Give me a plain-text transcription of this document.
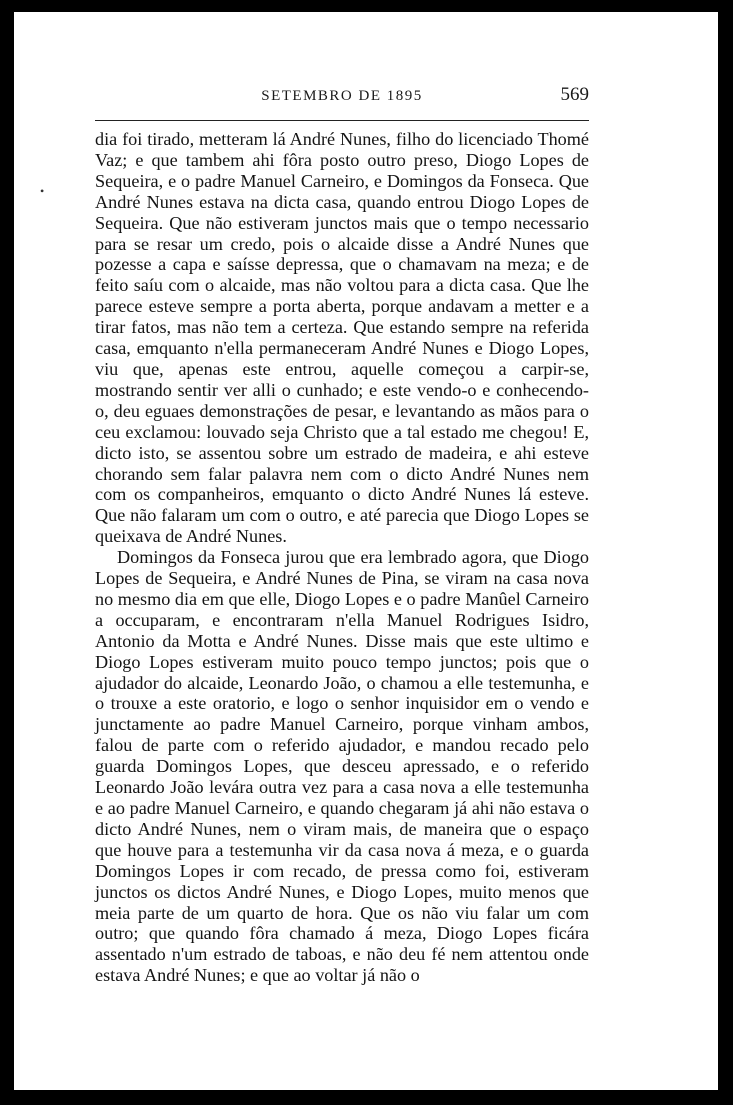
SETEMBRO DE 1895	569

dia foi tirado, metteram lá André Nunes, filho do licenciado Thomé Vaz; e que tambem ahi fôra posto outro preso, Diogo Lopes de Sequeira, e o padre Manuel Carneiro, e Domingos da Fonseca. Que André Nunes estava na dicta casa, quando entrou Diogo Lopes de Sequeira. Que não estiveram junctos mais que o tempo necessario para se resar um credo, pois o alcaide disse a André Nunes que pozesse a capa e saísse depressa, que o chamavam na meza; e de feito saíu com o alcaide, mas não voltou para a dicta casa. Que lhe parece esteve sempre a porta aberta, porque andavam a metter e a tirar fatos, mas não tem a certeza. Que estando sempre na referida casa, emquanto n'ella permaneceram André Nunes e Diogo Lopes, viu que, apenas este entrou, aquelle começou a carpir-se, mostrando sentir ver alli o cunhado; e este vendo-o e conhecendo-o, deu eguaes demonstrações de pesar, e levantando as mãos para o ceu exclamou: louvado seja Christo que a tal estado me chegou! E, dicto isto, se assentou sobre um estrado de madeira, e ahi esteve chorando sem falar palavra nem com o dicto André Nunes nem com os companheiros, emquanto o dicto André Nunes lá esteve. Que não falaram um com o outro, e até parecia que Diogo Lopes se queixava de André Nunes.

Domingos da Fonseca jurou que era lembrado agora, que Diogo Lopes de Sequeira, e André Nunes de Pina, se viram na casa nova no mesmo dia em que elle, Diogo Lopes e o padre Manûel Carneiro a occuparam, e encontraram n'ella Manuel Rodrigues Isidro, Antonio da Motta e André Nunes. Disse mais que este ultimo e Diogo Lopes estiveram muito pouco tempo junctos; pois que o ajudador do alcaide, Leonardo João, o chamou a elle testemunha, e o trouxe a este oratorio, e logo o senhor inquisidor em o vendo e junctamente ao padre Manuel Carneiro, porque vinham ambos, falou de parte com o referido ajudador, e mandou recado pelo guarda Domingos Lopes, que desceu apressado, e o referido Leonardo João levára outra vez para a casa nova a elle testemunha e ao padre Manuel Carneiro, e quando chegaram já ahi não estava o dicto André Nunes, nem o viram mais, de maneira que o espaço que houve para a testemunha vir da casa nova á meza, e o guarda Domingos Lopes ir com recado, de pressa como foi, estiveram junctos os dictos André Nunes, e Diogo Lopes, muito menos que meia parte de um quarto de hora. Que os não viu falar um com outro; que quando fôra chamado á meza, Diogo Lopes ficára assentado n'um estrado de taboas, e não deu fé nem attentou onde estava André Nunes; e que ao voltar já não o

•
